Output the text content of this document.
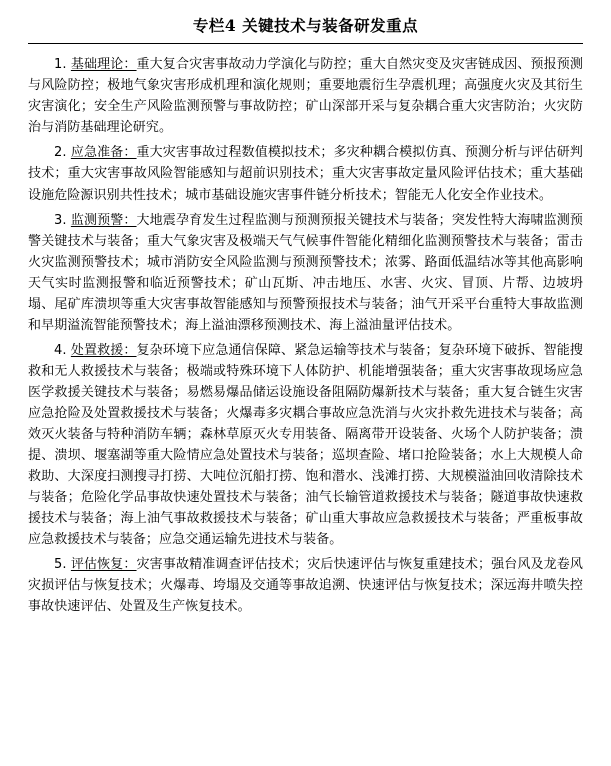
专栏4 关键技术与装备研发重点

1. 基础理论：重大复合灾害事故动力学演化与防控；重大自然灾变及灾害链成因、预报预测与风险防控；极地气象灾害形成机理和演化规则；重要地震衍生孕震机理；高强度火灾及其衍生灾害演化；安全生产风险监测预警与事故防控；矿山深部开采与复杂耦合重大灾害防治；火灾防治与消防基础理论研究。

2. 应急准备：重大灾害事故过程数值模拟技术；多灾种耦合模拟仿真、预测分析与评估研判技术；重大灾害事故风险智能感知与超前识别技术；重大灾害事故定量风险评估技术；重大基础设施危险源识别共性技术；城市基础设施灾害事件链分析技术；智能无人化安全作业技术。

3. 监测预警：大地震孕育发生过程监测与预测预报关键技术与装备；突发性特大海啸监测预警关键技术与装备；重大气象灾害及极端天气气候事件智能化精细化监测预警技术与装备；雷击火灾监测预警技术；城市消防安全风险监测与预测预警技术；浓雾、路面低温结冰等其他高影响天气实时监测报警和临近预警技术；矿山瓦斯、冲击地压、水害、火灾、冒顶、片帮、边坡坍塌、尾矿库溃坝等重大灾害事故智能感知与预警预报技术与装备；油气开采平台重特大事故监测和早期溢流智能预警技术；海上溢油漂移预测技术、海上溢油量评估技术。

4. 处置救援：复杂环境下应急通信保障、紧急运输等技术与装备；复杂环境下破拆、智能搜救和无人救援技术与装备；极端或特殊环境下人体防护、机能增强装备；重大灾害事故现场应急医学救援关键技术与装备；易燃易爆品储运设施设备阻隔防爆新技术与装备；重大复合链生灾害应急抢险及处置救援技术与装备；火爆毒多灾耦合事故应急洗消与火灾扑救先进技术与装备；高效灭火装备与特种消防车辆；森林草原灭火专用装备、隔离带开设装备、火场个人防护装备；溃提、溃坝、堰塞湖等重大险情应急处置技术与装备；巡坝查险、堵口抢险装备；水上大规模人命救助、大深度扫测搜寻打捞、大吨位沉船打捞、饱和潜水、浅滩打捞、大规模溢油回收清除技术与装备；危险化学品事故快速处置技术与装备；油气长输管道救援技术与装备；隧道事故快速救援技术与装备；海上油气事故救援技术与装备；矿山重大事故应急救援技术与装备；严重板事故应急救援技术与装备；应急交通运输先进技术与装备。

5. 评估恢复：灾害事故精准调查评估技术；灾后快速评估与恢复重建技术；强台风及龙卷风灾损评估与恢复技术；火爆毒、垮塌及交通等事故追溯、快速评估与恢复技术；深远海井喷失控事故快速评估、处置及生产恢复技术。
